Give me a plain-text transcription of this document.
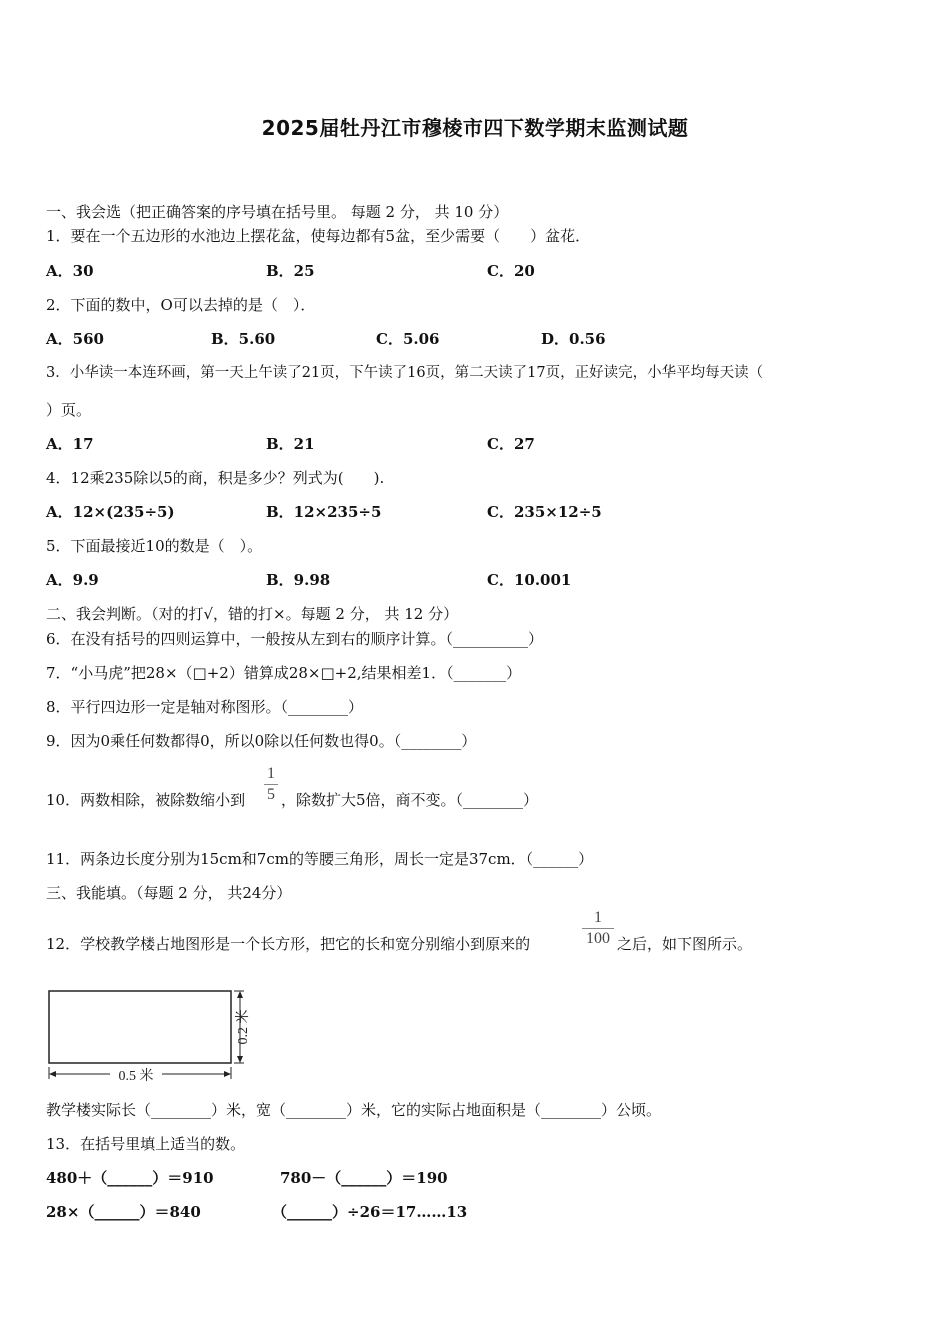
2025届牡丹江市穆棱市四下数学期末监测试题
一、我会选（把正确答案的序号填在括号里。 每题 2 分， 共 10 分）
1．要在一个五边形的水池边上摆花盆，使每边都有5盆，至少需要（　　）盆花．
A．30	B．25	C．20
2．下面的数中，O可以去掉的是（　）．
A．560	B．5.60	C．5.06	D．0.56
3．小华读一本连环画，第一天上午读了21页，下午读了16页，第二天读了17页，正好读完，小华平均每天读（
）页。
A．17	B．21	C．27
4．12乘235除以5的商，积是多少？列式为(　　).
A．12×(235÷5)	B．12×235÷5	C．235×12÷5
5．下面最接近10的数是（　）。
A．9.9	B．9.98	C．10.001
二、我会判断。（对的打√，错的打×。每题 2 分， 共 12 分）
6．在没有括号的四则运算中，一般按从左到右的顺序计算。（__________）
7．“小马虎”把28×（□+2）错算成28×□+2,结果相差1．（_______）
8．平行四边形一定是轴对称图形。（________）
9．因为0乘任何数都得0，所以0除以任何数也得0。（________）
10．两数相除，被除数缩小到
1
5 ，除数扩大5倍，商不变。（________）
11．两条边长度分别为15cm和7cm的等腰三角形，周长一定是37cm．（______）
三、我能填。（每题 2 分， 共24分）
12．学校教学楼占地图形是一个长方形，把它的长和宽分别缩小到原来的
1
100 之后，如下图所示。
0.2 米
0.5 米
教学楼实际长（________）米，宽（________）米，它的实际占地面积是（________）公顷。
13．在括号里填上适当的数。
480＋（______）＝910	780－（______）＝190
28×（______）＝840	（______）÷26＝17……13
